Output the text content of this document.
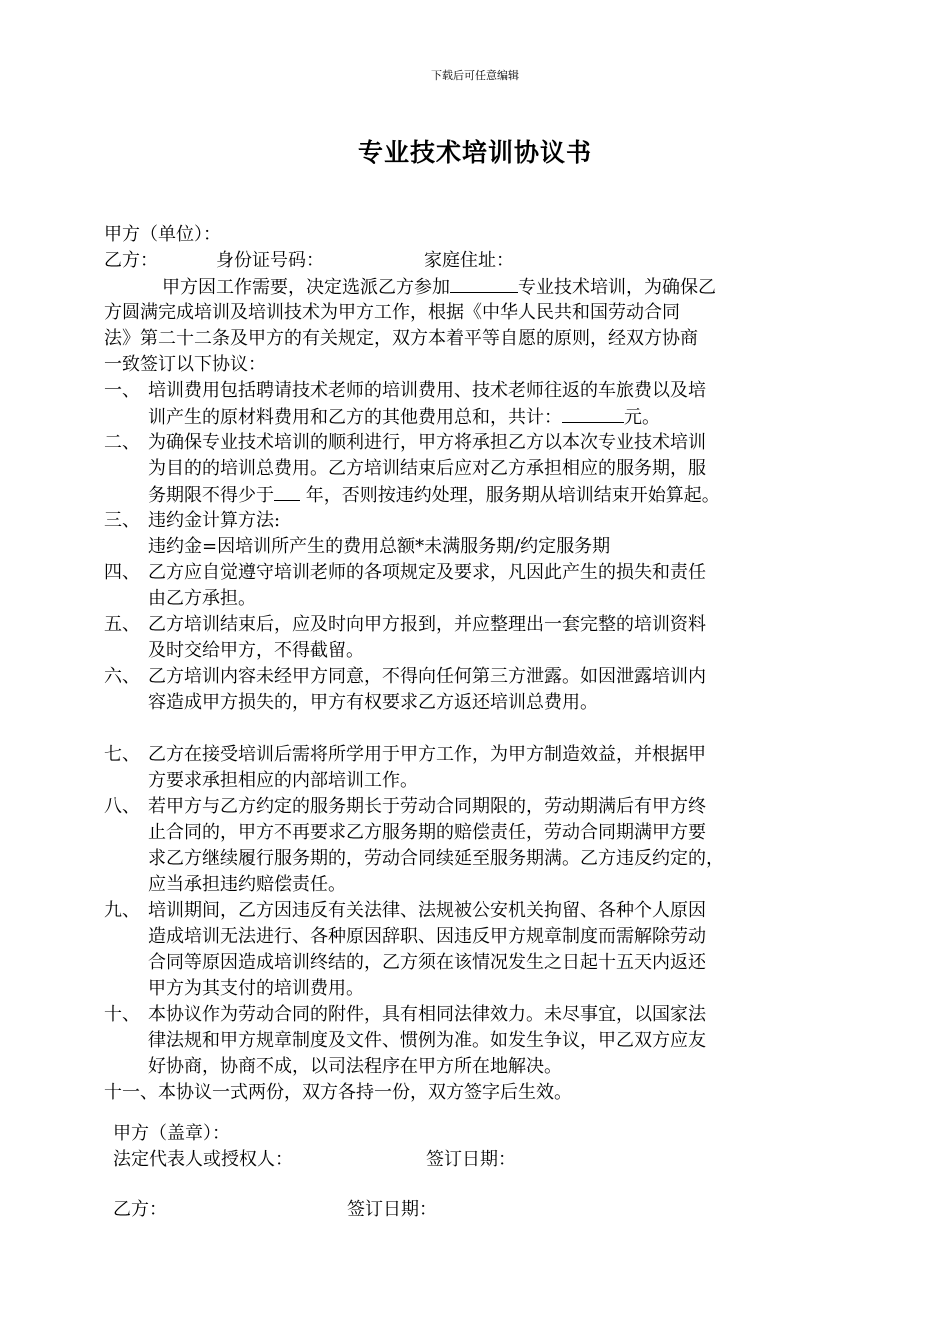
下载后可任意编辑
专业技术培训协议书
甲方（单位）：
乙方：	身份证号码：	家庭住址：
甲方因工作需要，决定选派乙方参加	专业技术培训，为确保乙
方圆满完成培训及培训技术为甲方工作，根据《中华人民共和国劳动合同
法》第二十二条及甲方的有关规定，双方本着平等自愿的原则，经双方协商
一致签订以下协议：
一、 培训费用包括聘请技术老师的培训费用、技术老师往返的车旅费以及培
训产生的原材料费用和乙方的其他费用总和，共计：	元。
二、 为确保专业技术培训的顺利进行，甲方将承担乙方以本次专业技术培训
为目的的培训总费用。乙方培训结束后应对乙方承担相应的服务期，服
务期限不得少于 年，否则按违约处理，服务期从培训结束开始算起。
三、 违约金计算方法:
违约金=因培训所产生的费用总额*未满服务期/约定服务期
四、 乙方应自觉遵守培训老师的各项规定及要求，凡因此产生的损失和责任
由乙方承担。
五、 乙方培训结束后，应及时向甲方报到，并应整理出一套完整的培训资料
及时交给甲方，不得截留。
六、 乙方培训内容未经甲方同意，不得向任何第三方泄露。如因泄露培训内
容造成甲方损失的，甲方有权要求乙方返还培训总费用。
七、 乙方在接受培训后需将所学用于甲方工作，为甲方制造效益，并根据甲
方要求承担相应的内部培训工作。
八、 若甲方与乙方约定的服务期长于劳动合同期限的，劳动期满后有甲方终
止合同的，甲方不再要求乙方服务期的赔偿责任，劳动合同期满甲方要
求乙方继续履行服务期的，劳动合同续延至服务期满。乙方违反约定的，
应当承担违约赔偿责任。
九、 培训期间，乙方因违反有关法律、法规被公安机关拘留、各种个人原因
造成培训无法进行、各种原因辞职、因违反甲方规章制度而需解除劳动
合同等原因造成培训终结的，乙方须在该情况发生之日起十五天内返还
甲方为其支付的培训费用。
十、 本协议作为劳动合同的附件，具有相同法律效力。未尽事宜，以国家法
律法规和甲方规章制度及文件、惯例为准。如发生争议，甲乙双方应友
好协商，协商不成，以司法程序在甲方所在地解决。
十一、本协议一式两份，双方各持一份，双方签字后生效。
甲方（盖章）：
法定代表人或授权人：	签订日期：
乙方：	签订日期：
